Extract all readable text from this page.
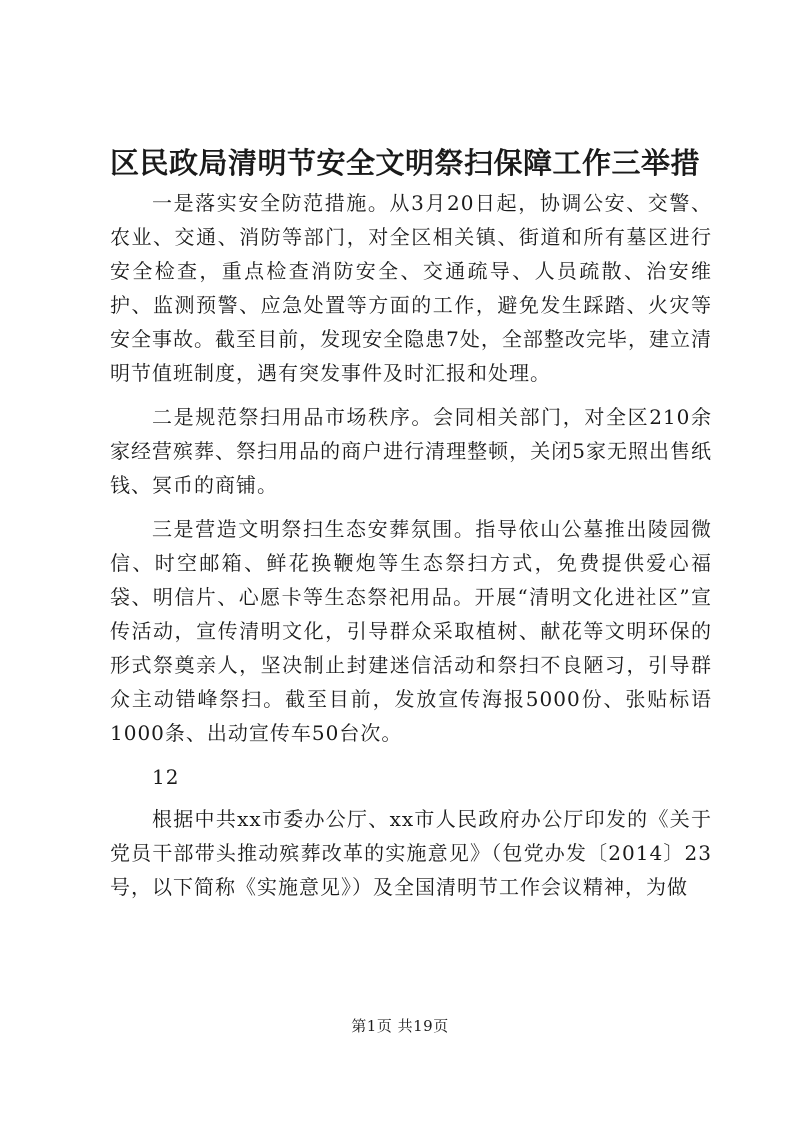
区民政局清明节安全文明祭扫保障工作三举措

一是落实安全防范措施。从3月20日起，协调公安、交警、农业、交通、消防等部门，对全区相关镇、街道和所有墓区进行安全检查，重点检查消防安全、交通疏导、人员疏散、治安维护、监测预警、应急处置等方面的工作，避免发生踩踏、火灾等安全事故。截至目前，发现安全隐患7处，全部整改完毕，建立清明节值班制度，遇有突发事件及时汇报和处理。

二是规范祭扫用品市场秩序。会同相关部门，对全区210余家经营殡葬、祭扫用品的商户进行清理整顿，关闭5家无照出售纸钱、冥币的商铺。

三是营造文明祭扫生态安葬氛围。指导依山公墓推出陵园微信、时空邮箱、鲜花换鞭炮等生态祭扫方式，免费提供爱心福袋、明信片、心愿卡等生态祭祀用品。开展“清明文化进社区”宣传活动，宣传清明文化，引导群众采取植树、献花等文明环保的形式祭奠亲人，坚决制止封建迷信活动和祭扫不良陋习，引导群众主动错峰祭扫。截至目前，发放宣传海报5000份、张贴标语1000条、出动宣传车50台次。

12

根据中共xx市委办公厅、xx市人民政府办公厅印发的《关于党员干部带头推动殡葬改革的实施意见》（包党办发〔2014〕23号，以下简称《实施意见》）及全国清明节工作会议精神，为做

第1页 共19页
